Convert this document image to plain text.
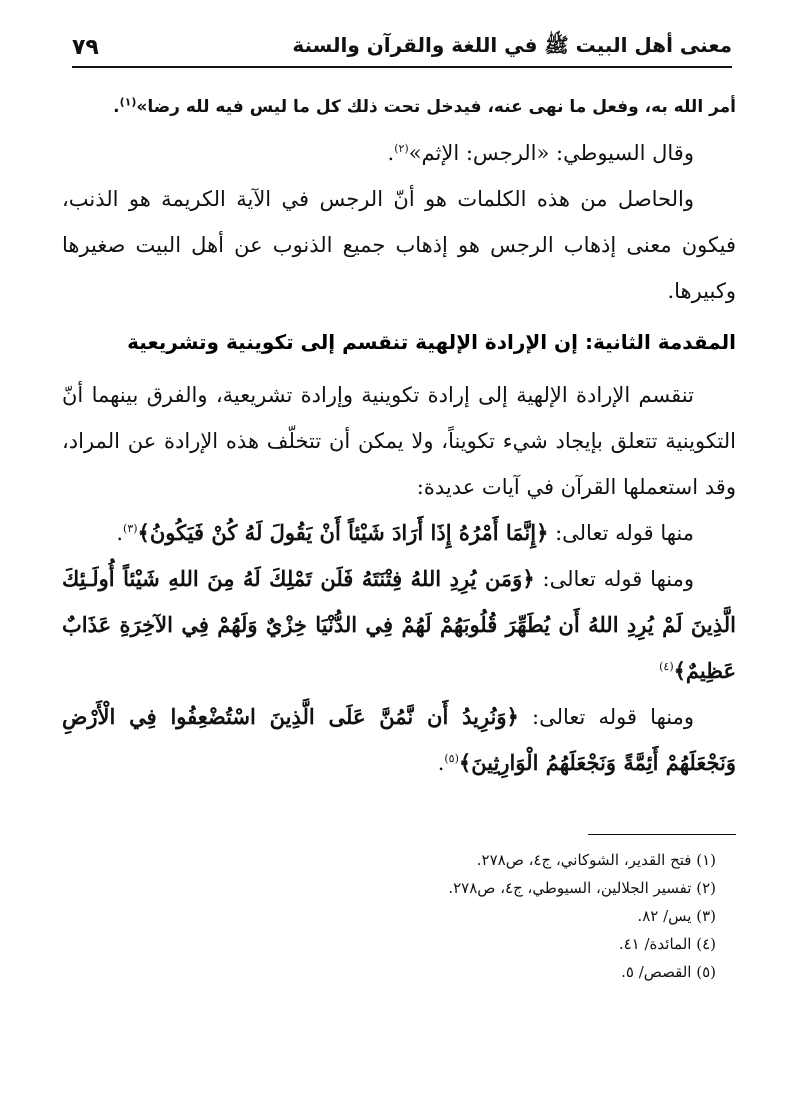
معنى أهل البيت ﷺ في اللغة والقرآن والسنة
٧٩

أمر الله به، وفعل ما نهى عنه، فيدخل تحت ذلك كل ما ليس فيه لله رضا»$^{(١)}$.

وقال السيوطي: «الرجس: الإثم»$^{(٢)}$.

والحاصل من هذه الكلمات هو أنّ الرجس في الآية الكريمة هو الذنب، فيكون معنى إذهاب الرجس هو إذهاب جميع الذنوب عن أهل البيت صغيرها وكبيرها.

المقدمة الثانية: إن الإرادة الإلهية تنقسم إلى تكوينية وتشريعية

تنقسم الإرادة الإلهية إلى إرادة تكوينية وإرادة تشريعية، والفرق بينهما أنّ التكوينية تتعلق بإيجاد شيء تكويناً، ولا يمكن أن تتخلّف هذه الإرادة عن المراد، وقد استعملها القرآن في آيات عديدة:

منها قوله تعالى: ﴿إِنَّمَا أَمْرُهُ إِذَا أَرَادَ شَيْئاً أَنْ يَقُولَ لَهُ كُنْ فَيَكُونُ﴾$^{(٣)}$.

ومنها قوله تعالى: ﴿وَمَن يُرِدِ اللهُ فِتْنَتَهُ فَلَن تَمْلِكَ لَهُ مِنَ اللهِ شَيْئاً أُولَـئِكَ الَّذِينَ لَمْ يُرِدِ اللهُ أَن يُطَهِّرَ قُلُوبَهُمْ لَهُمْ فِي الدُّنْيَا خِزْيٌ وَلَهُمْ فِي الآخِرَةِ عَذَابٌ عَظِيمٌ﴾$^{(٤)}$

ومنها قوله تعالى: ﴿وَنُرِيدُ أَن نَّمُنَّ عَلَى الَّذِينَ اسْتُضْعِفُوا فِي الْأَرْضِ وَنَجْعَلَهُمْ أَئِمَّةً وَنَجْعَلَهُمُ الْوَارِثِينَ﴾$^{(٥)}$.

(١) فتح القدير، الشوكاني، ج٤، ص٢٧٨.
(٢) تفسير الجلالين، السيوطي، ج٤، ص٢٧٨.
(٣) يس/ ٨٢.
(٤) المائدة/ ٤١.
(٥) القصص/ ٥.
